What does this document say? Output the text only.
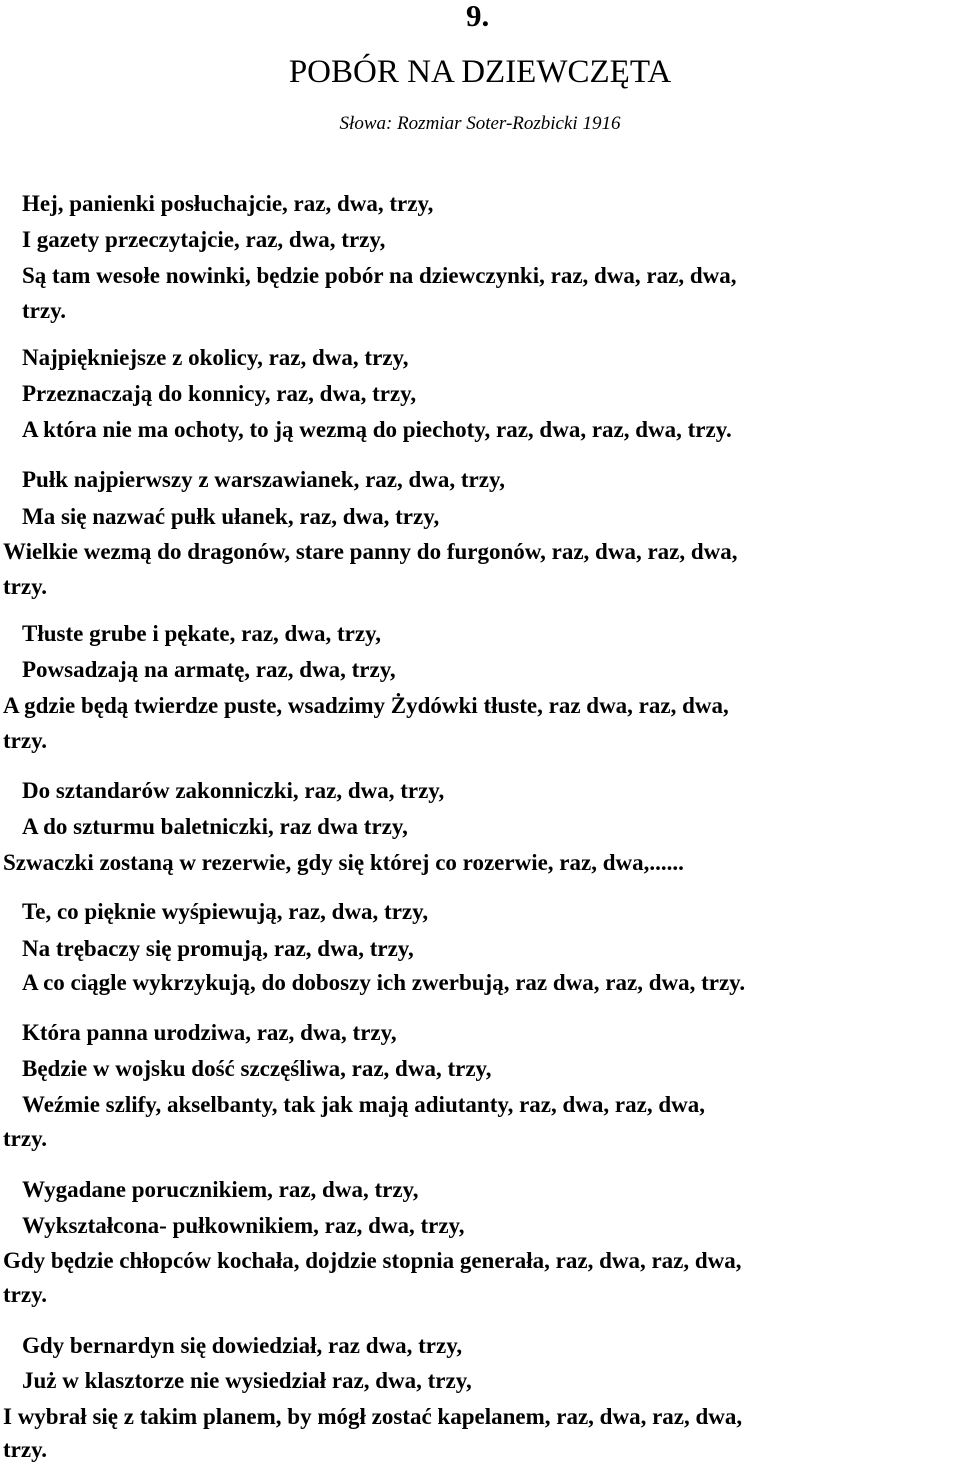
9.
POBÓR NA DZIEWCZĘTA
Słowa: Rozmiar Soter-Rozbicki 1916
Hej, panienki posłuchajcie, raz, dwa, trzy,
I gazety przeczytajcie, raz, dwa, trzy,
Są tam wesołe nowinki, będzie pobór na dziewczynki, raz, dwa, raz, dwa,
trzy.
Najpiękniejsze z okolicy, raz, dwa, trzy,
Przeznaczają do konnicy, raz, dwa, trzy,
A która nie ma ochoty, to ją wezmą do piechoty, raz, dwa, raz, dwa, trzy.
Pułk najpierwszy z warszawianek, raz, dwa, trzy,
Ma się nazwać pułk ułanek, raz, dwa, trzy,
Wielkie wezmą do dragonów, stare panny do furgonów, raz, dwa, raz, dwa,
trzy.
Tłuste grube i pękate, raz, dwa, trzy,
Powsadzają na armatę, raz, dwa, trzy,
A gdzie będą twierdze puste, wsadzimy Żydówki tłuste, raz dwa, raz, dwa,
trzy.
Do sztandarów zakonniczki, raz, dwa, trzy,
A do szturmu baletniczki, raz dwa trzy,
Szwaczki zostaną w rezerwie, gdy się której co rozerwie, raz, dwa,......
Te, co pięknie wyśpiewują, raz, dwa, trzy,
Na trębaczy się promują, raz, dwa, trzy,
A co ciągle wykrzykują, do doboszy ich zwerbują, raz dwa, raz, dwa, trzy.
Która panna urodziwa, raz, dwa, trzy,
Będzie w wojsku dość szczęśliwa, raz, dwa, trzy,
Weźmie szlify, akselbanty, tak jak mają adiutanty, raz, dwa, raz, dwa,
trzy.
Wygadane porucznikiem, raz, dwa, trzy,
Wykształcona- pułkownikiem, raz, dwa, trzy,
Gdy będzie chłopców kochała, dojdzie stopnia generała, raz, dwa, raz, dwa,
trzy.
Gdy bernardyn się dowiedział, raz dwa, trzy,
Już w klasztorze nie wysiedział raz, dwa, trzy,
I wybrał się z takim planem, by mógł zostać kapelanem, raz, dwa, raz, dwa,
trzy.
